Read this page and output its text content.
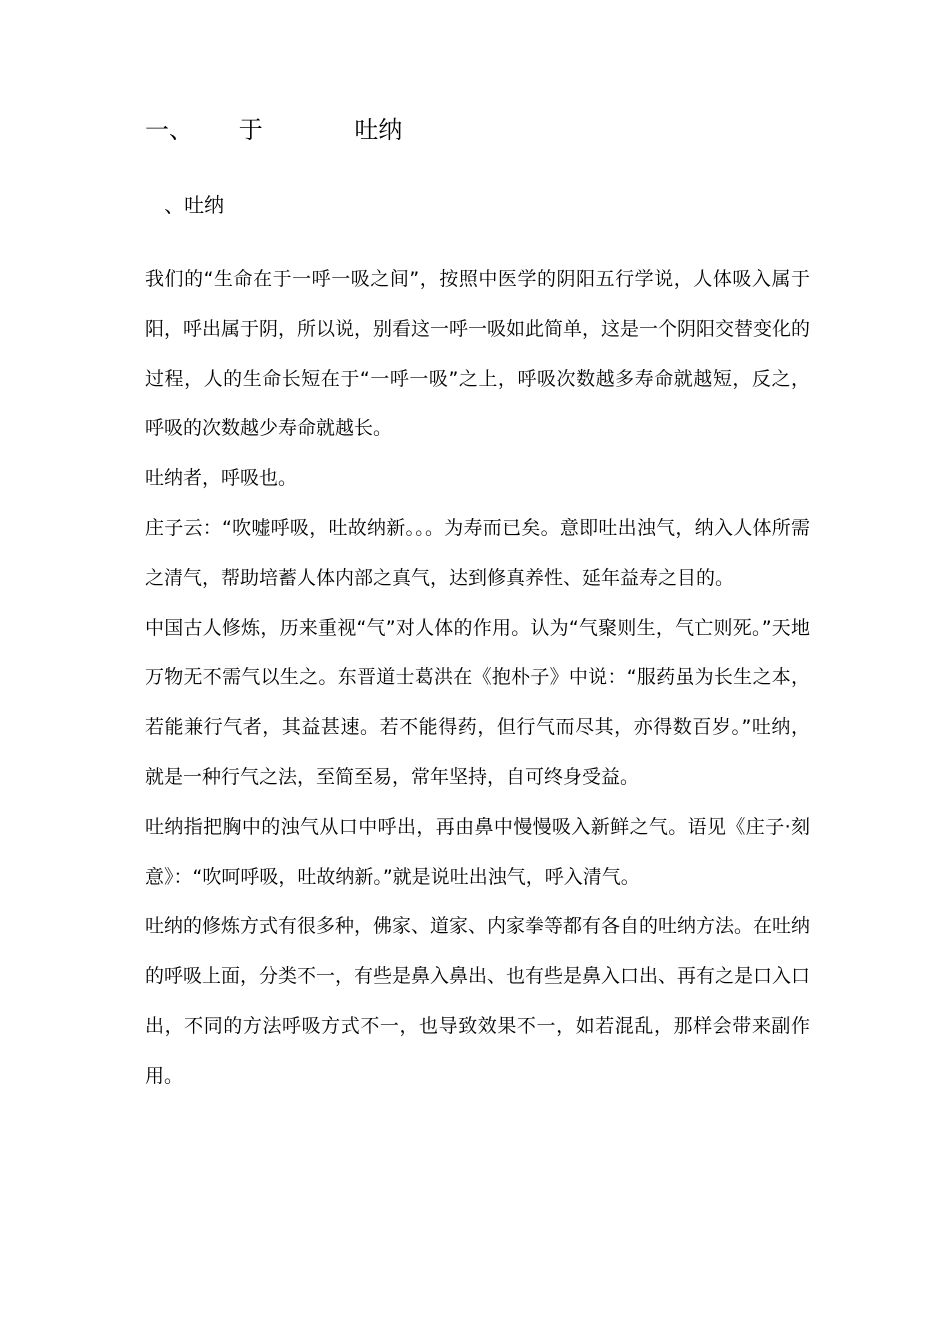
一、      于            吐纳
、吐纳

我们的“生命在于一呼一吸之间”，按照中医学的阴阳五行学说，人体吸入属于阳，呼出属于阴，所以说，别看这一呼一吸如此简单，这是一个阴阳交替变化的过程，人的生命长短在于“一呼一吸”之上，呼吸次数越多寿命就越短，反之，呼吸的次数越少寿命就越长。

吐纳者，呼吸也。

庄子云：“吹嘘呼吸，吐故纳新。。。为寿而已矣。意即吐出浊气，纳入人体所需之清气，帮助培蓄人体内部之真气，达到修真养性、延年益寿之目的。

中国古人修炼，历来重视“气”对人体的作用。认为“气聚则生，气亡则死。”天地万物无不需气以生之。东晋道士葛洪在《抱朴子》中说：“服药虽为长生之本，若能兼行气者，其益甚速。若不能得药，但行气而尽其，亦得数百岁。”吐纳，就是一种行气之法，至简至易，常年坚持，自可终身受益。

吐纳指把胸中的浊气从口中呼出，再由鼻中慢慢吸入新鲜之气。语见《庄子·刻意》：“吹呵呼吸，吐故纳新。”就是说吐出浊气，呼入清气。

吐纳的修炼方式有很多种，佛家、道家、内家拳等都有各自的吐纳方法。在吐纳的呼吸上面，分类不一，有些是鼻入鼻出、也有些是鼻入口出、再有之是口入口出，不同的方法呼吸方式不一，也导致效果不一，如若混乱，那样会带来副作用。
